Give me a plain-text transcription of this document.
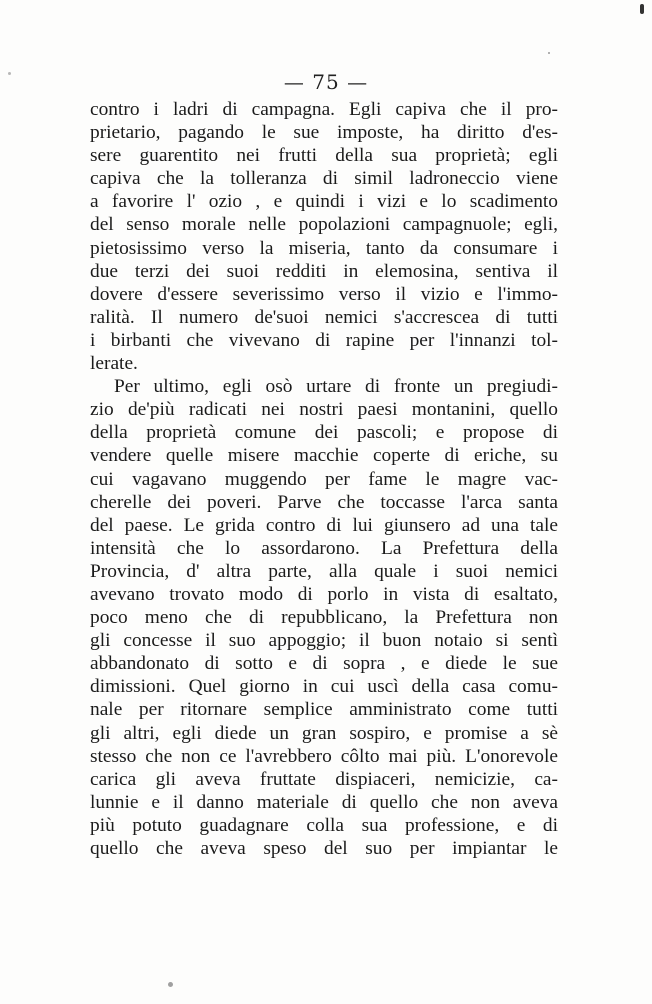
— 75 —
contro i ladri di campagna. Egli capiva che il pro-
prietario, pagando le sue imposte, ha diritto d'es-
sere guarentito nei frutti della sua proprietà; egli
capiva che la tolleranza di simil ladroneccio viene
a favorire l' ozio , e quindi i vizi e lo scadimento
del senso morale nelle popolazioni campagnuole; egli,
pietosissimo verso la miseria, tanto da consumare i
due terzi dei suoi redditi in elemosina, sentiva il
dovere d'essere severissimo verso il vizio e l'immo-
ralità. Il numero de'suoi nemici s'accrescea di tutti
i birbanti che vivevano di rapine per l'innanzi tol-
lerate.
Per ultimo, egli osò urtare di fronte un pregiudi-
zio de'più radicati nei nostri paesi montanini, quello
della proprietà comune dei pascoli; e propose di
vendere quelle misere macchie coperte di eriche, su
cui vagavano muggendo per fame le magre vac-
cherelle dei poveri. Parve che toccasse l'arca santa
del paese. Le grida contro di lui giunsero ad una tale
intensità che lo assordarono. La Prefettura della
Provincia, d' altra parte, alla quale i suoi nemici
avevano trovato modo di porlo in vista di esaltato,
poco meno che di repubblicano, la Prefettura non
gli concesse il suo appoggio; il buon notaio si sentì
abbandonato di sotto e di sopra , e diede le sue
dimissioni. Quel giorno in cui uscì della casa comu-
nale per ritornare semplice amministrato come tutti
gli altri, egli diede un gran sospiro, e promise a sè
stesso che non ce l'avrebbero côlto mai più. L'onorevole
carica gli aveva fruttate dispiaceri, nemicizie, ca-
lunnie e il danno materiale di quello che non aveva
più potuto guadagnare colla sua professione, e di
quello che aveva speso del suo per impiantar le
